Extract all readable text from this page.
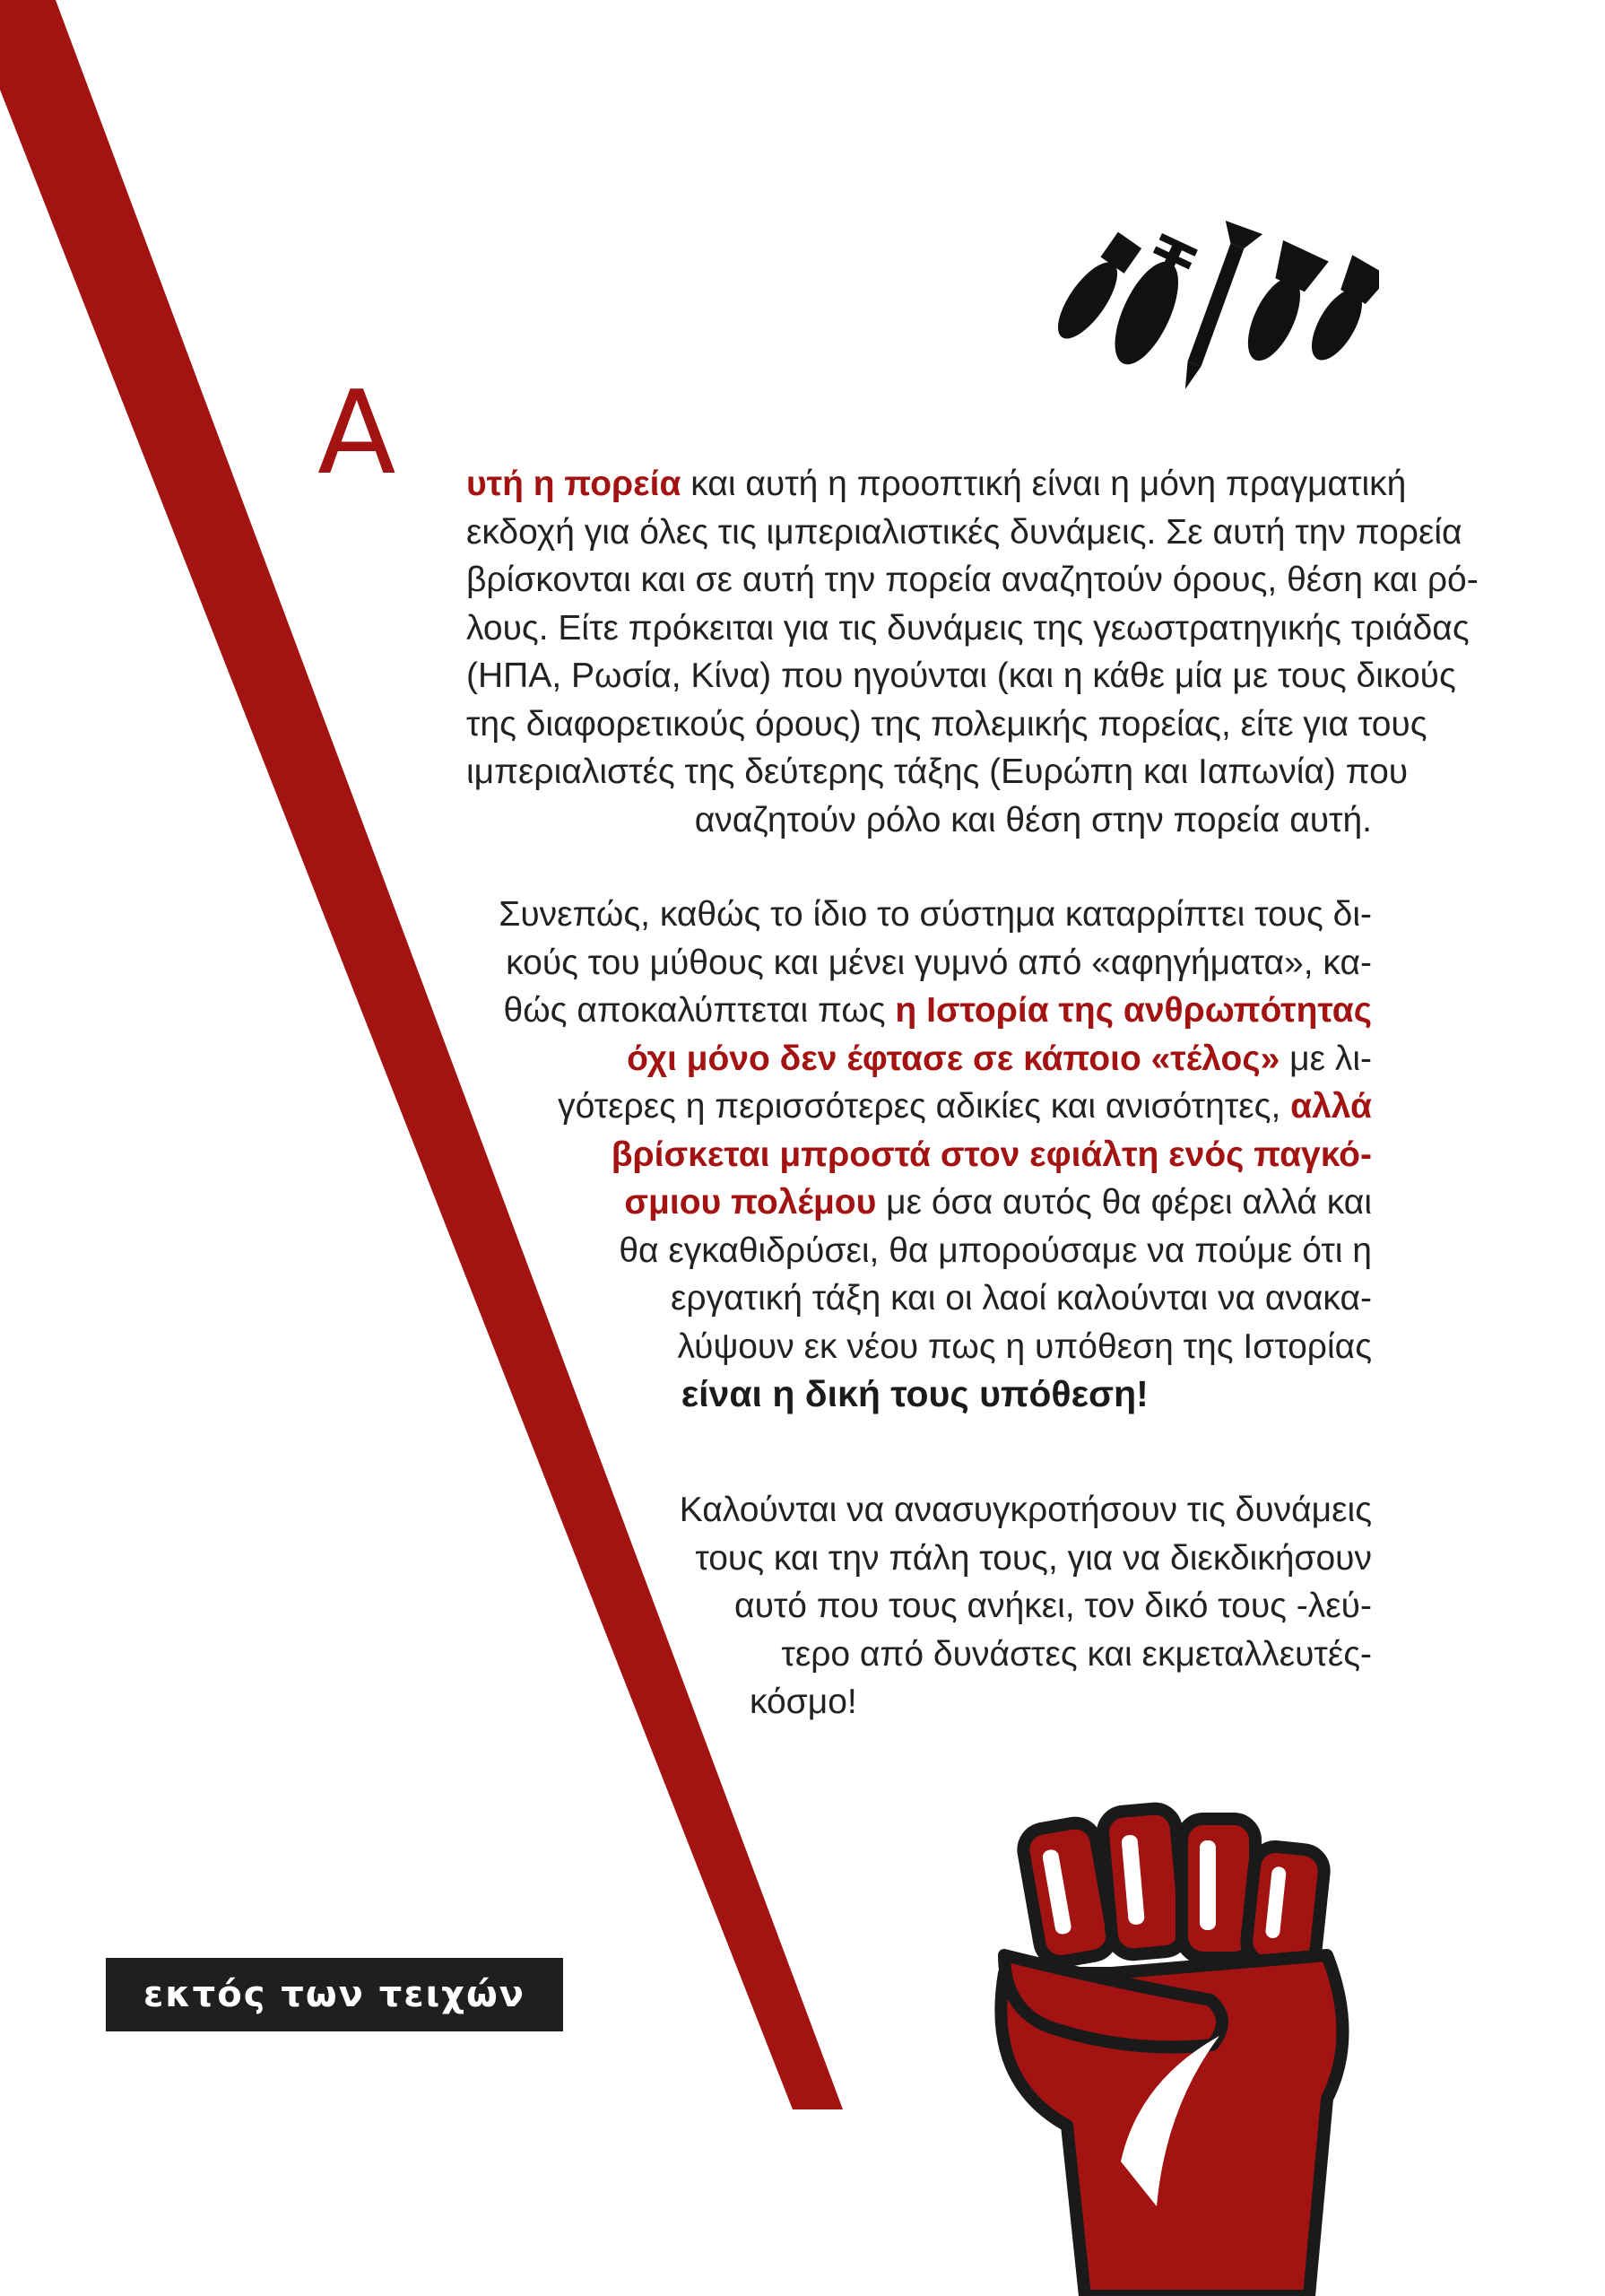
Α υτή η πορεία και αυτή η προοπτική είναι η μόνη πραγματική
εκδοχή για όλες τις ιμπεριαλιστικές δυνάμεις. Σε αυτή την πορεία
βρίσκονται και σε αυτή την πορεία αναζητούν όρους, θέση και ρό-
λους. Είτε πρόκειται για τις δυνάμεις της γεωστρατηγικής τριάδας
(ΗΠΑ, Ρωσία, Κίνα) που ηγούνται (και η κάθε μία με τους δικούς
της διαφορετικούς όρους) της πολεμικής πορείας, είτε για τους
ιμπεριαλιστές της δεύτερης τάξης (Ευρώπη και Ιαπωνία) που
αναζητούν ρόλο και θέση στην πορεία αυτή.
Συνεπώς, καθώς το ίδιο το σύστημα καταρρίπτει τους δι-
κούς του μύθους και μένει γυμνό από «αφηγήματα», κα-
θώς αποκαλύπτεται πως η Ιστορία της ανθρωπότητας
όχι μόνο δεν έφτασε σε κάποιο «τέλος» με λι-
γότερες η περισσότερες αδικίες και ανισότητες, αλλά
βρίσκεται μπροστά στον εφιάλτη ενός παγκό-
σμιου πολέμου με όσα αυτός θα φέρει αλλά και
θα εγκαθιδρύσει, θα μπορούσαμε να πούμε ότι η
εργατική τάξη και οι λαοί καλούνται να ανακα-
λύψουν εκ νέου πως η υπόθεση της Ιστορίας
είναι η δική τους υπόθεση!
Καλούνται να ανασυγκροτήσουν τις δυνάμεις
τους και την πάλη τους, για να διεκδικήσουν
αυτό που τους ανήκει, τον δικό τους -λεύ-
τερο από δυνάστες και εκμεταλλευτές-
κόσμο!
εκτός των τειχών
